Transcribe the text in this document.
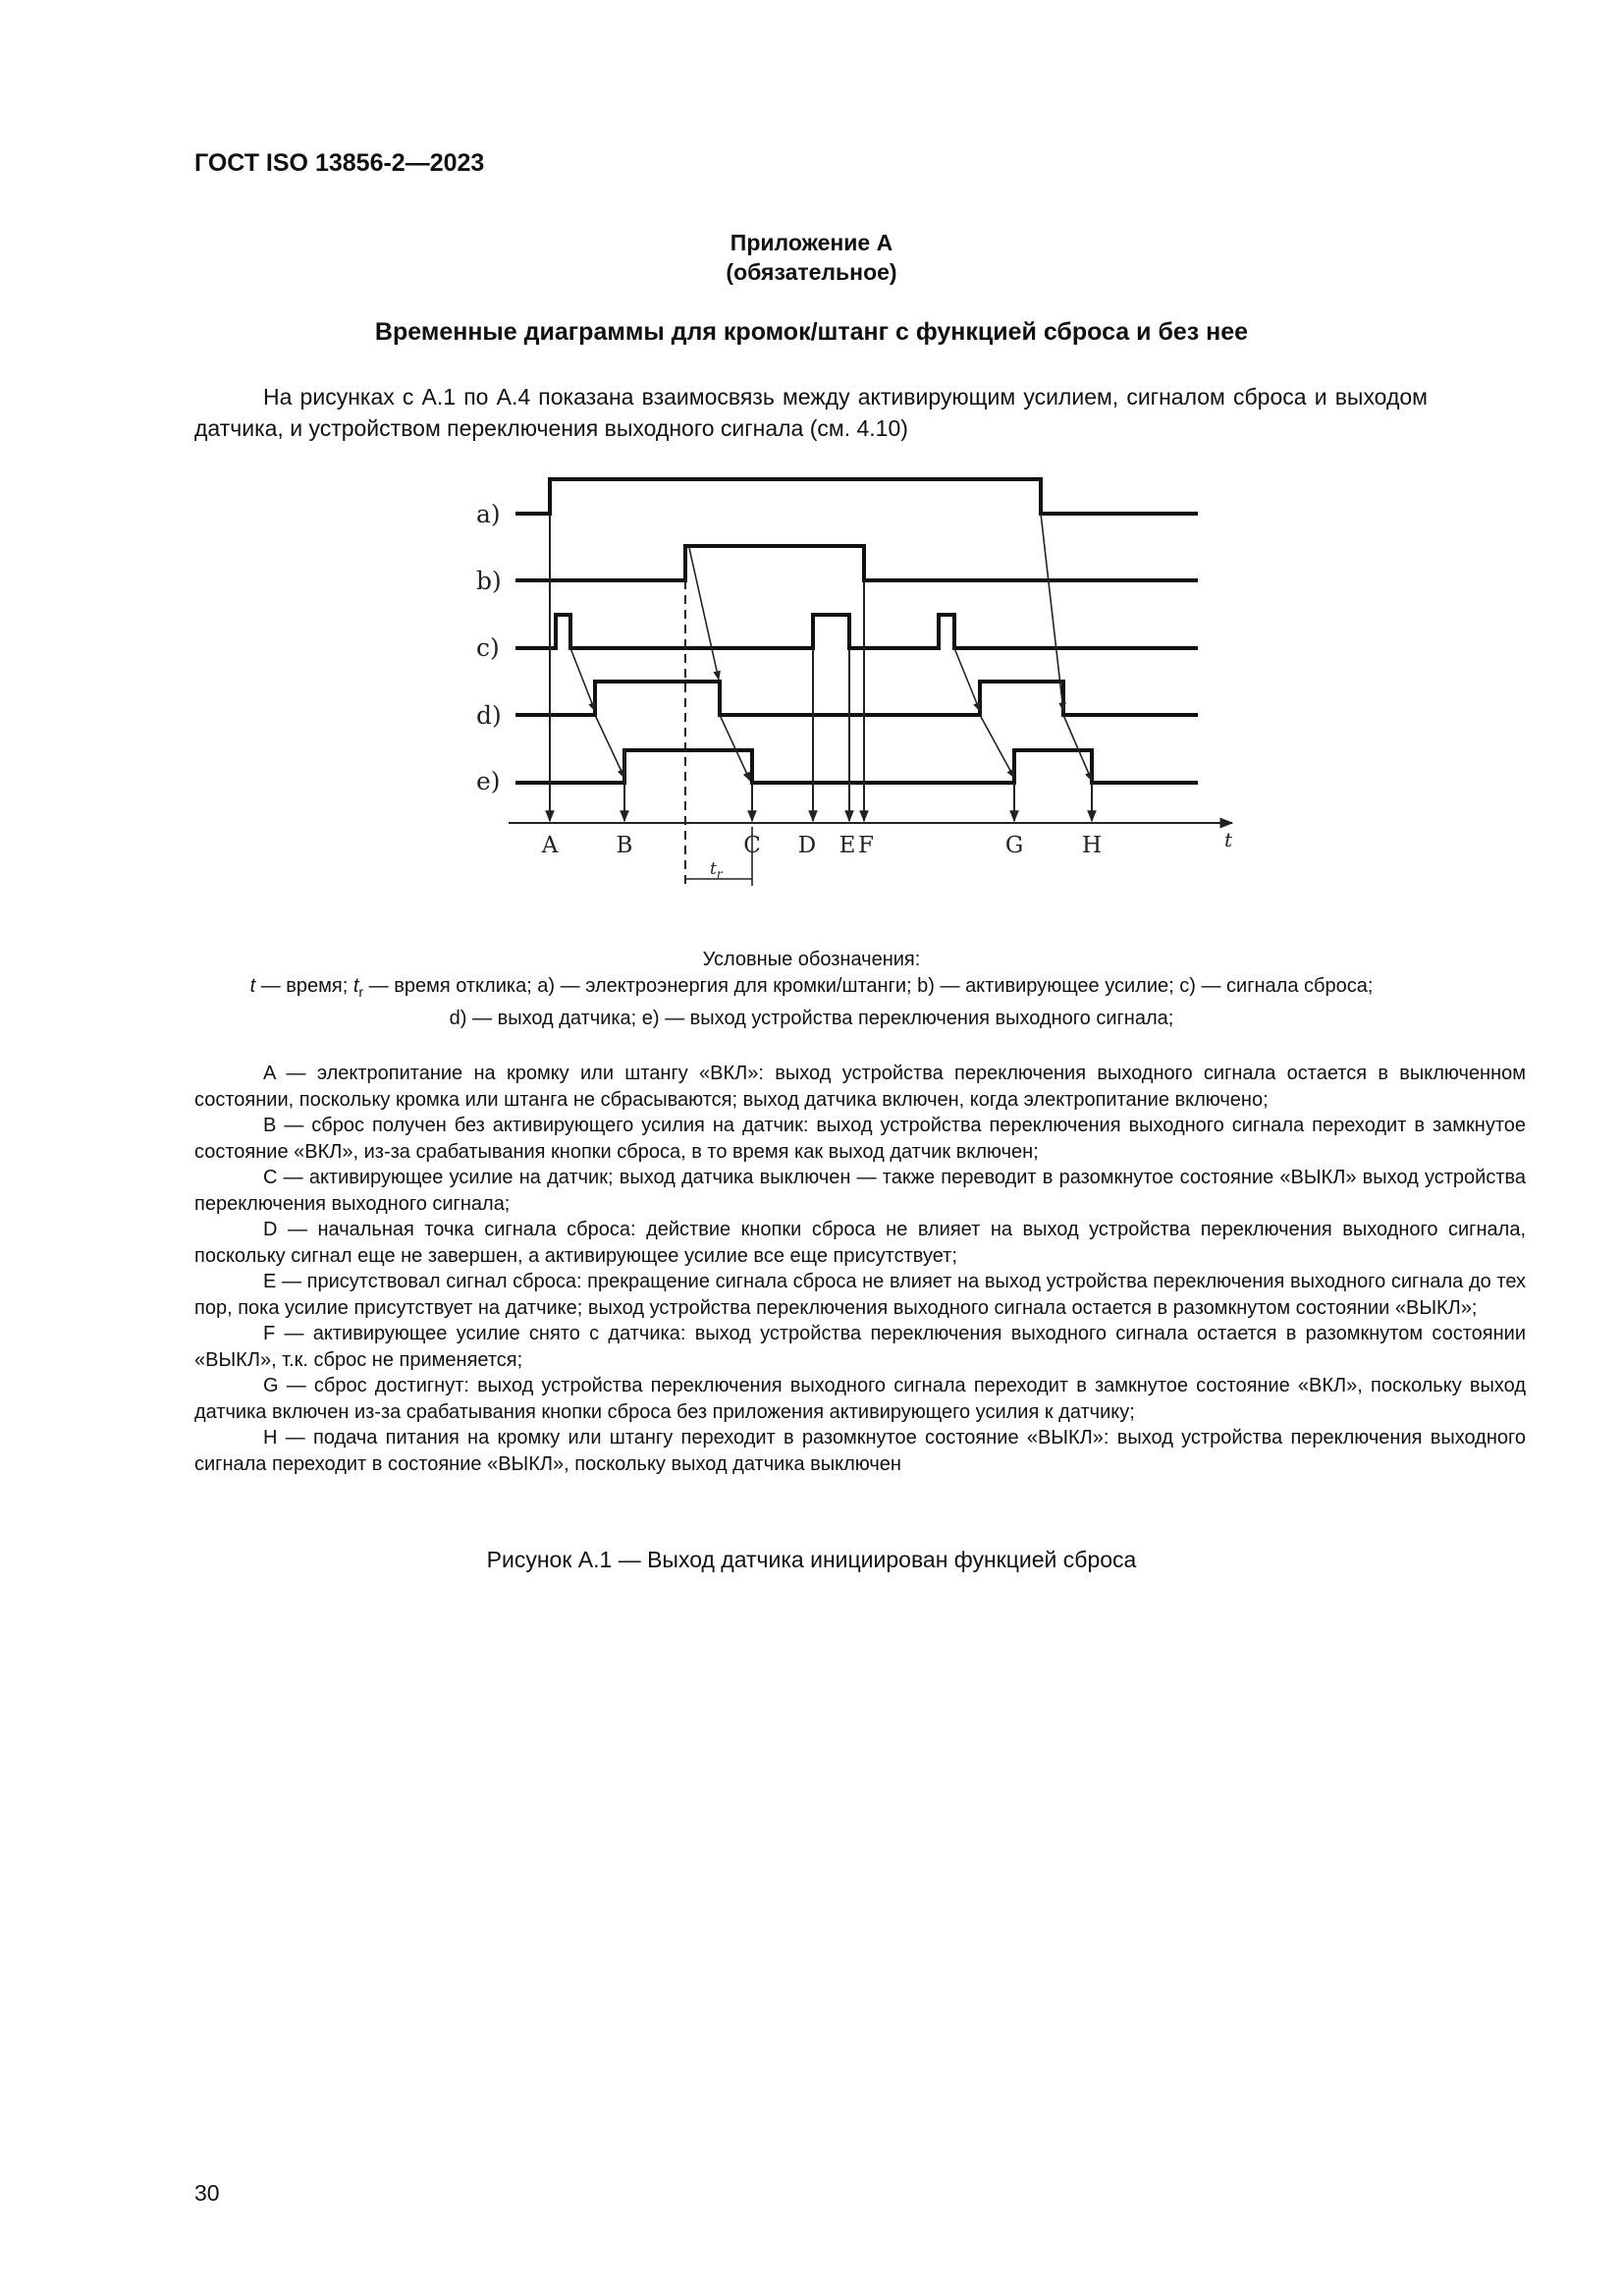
ГОСТ ISO 13856-2—2023
Приложение А
(обязательное)
Временные диаграммы для кромок/штанг с функцией сброса и без нее
На рисунках с А.1 по А.4 показана взаимосвязь между активирующим усилием, сигналом сброса и выходом датчика, и устройством переключения выходного сигнала (см. 4.10)
a)
b)
c)
d)
e)
t
A	B	C D E F	G	H
$t_r$
Условные обозначения:
t — время; $t_r$ — время отклика; а) — электроэнергия для кромки/штанги; b) — активирующее усилие; с) — сигнала сброса;
d) — выход датчика; е) — выход устройства переключения выходного сигнала;

A — электропитание на кромку или штангу «ВКЛ»: выход устройства переключения выходного сигнала остается в выключенном состоянии, поскольку кромка или штанга не сбрасываются; выход датчика включен, когда электропитание включено;

B — сброс получен без активирующего усилия на датчик: выход устройства переключения выходного сигнала переходит в замкнутое состояние «ВКЛ», из-за срабатывания кнопки сброса, в то время как выход датчик включен;

C — активирующее усилие на датчик; выход датчика выключен — также переводит в разомкнутое состояние «ВЫКЛ» выход устройства переключения выходного сигнала;

D — начальная точка сигнала сброса: действие кнопки сброса не влияет на выход устройства переключения выходного сигнала, поскольку сигнал еще не завершен, а активирующее усилие все еще присутствует;

E — присутствовал сигнал сброса: прекращение сигнала сброса не влияет на выход устройства переключения выходного сигнала до тех пор, пока усилие присутствует на датчике; выход устройства переключения выходного сигнала остается в разомкнутом состоянии «ВЫКЛ»;

F — активирующее усилие снято с датчика: выход устройства переключения выходного сигнала остается в разомкнутом состоянии «ВЫКЛ», т.к. сброс не применяется;

G — сброс достигнут: выход устройства переключения выходного сигнала переходит в замкнутое состояние «ВКЛ», поскольку выход датчика включен из-за срабатывания кнопки сброса без приложения активирующего усилия к датчику;

H — подача питания на кромку или штангу переходит в разомкнутое состояние «ВЫКЛ»: выход устройства переключения выходного сигнала переходит в состояние «ВЫКЛ», поскольку выход датчика выключен

Рисунок А.1 — Выход датчика инициирован функцией сброса
30
